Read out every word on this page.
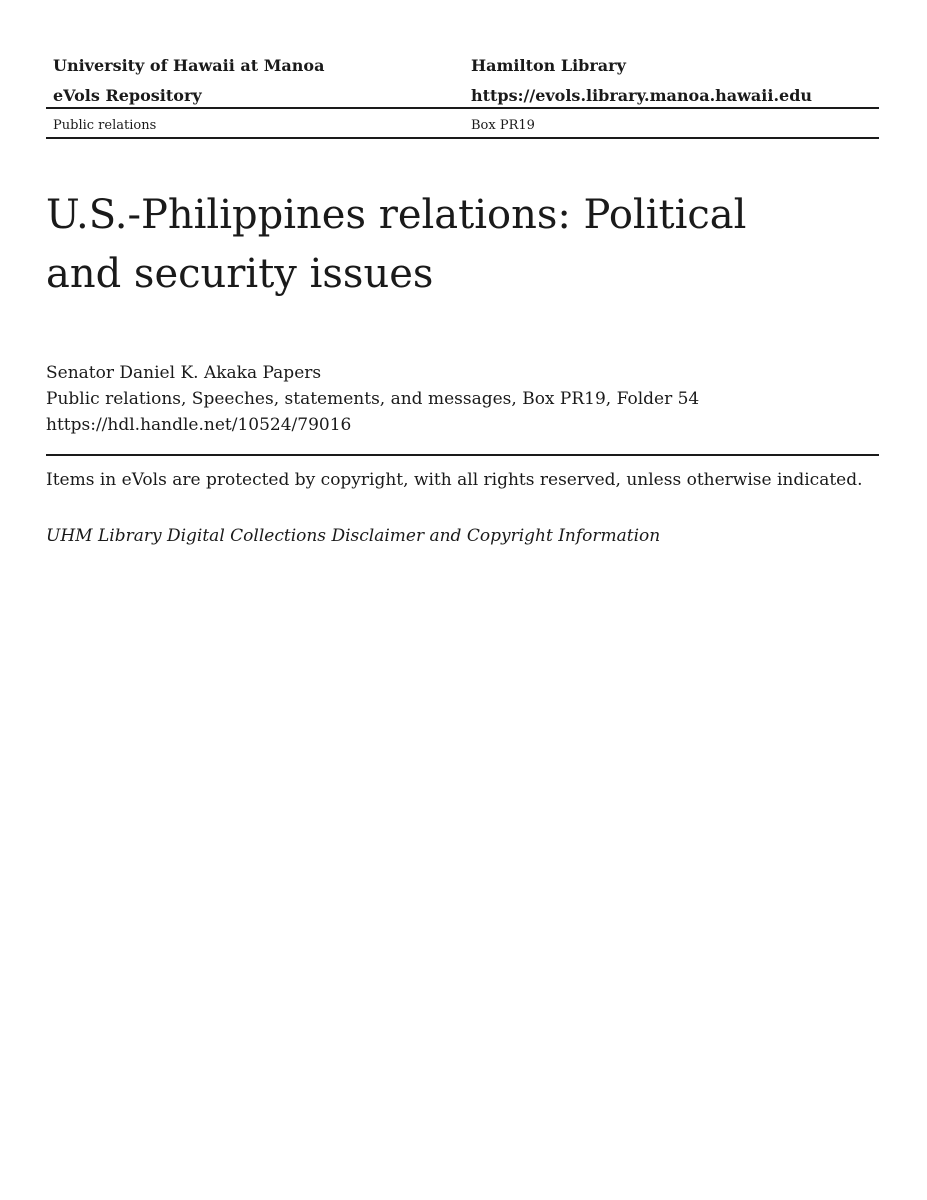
University of Hawaii at Manoa	Hamilton Library
eVols Repository	https://evols.library.manoa.hawaii.edu
Public relations	Box PR19
U.S.-Philippines relations: Political
and security issues
Senator Daniel K. Akaka Papers
Public relations, Speeches, statements, and messages, Box PR19, Folder 54
https://hdl.handle.net/10524/79016
Items in eVols are protected by copyright, with all rights reserved, unless otherwise indicated.
UHM Library Digital Collections Disclaimer and Copyright Information
